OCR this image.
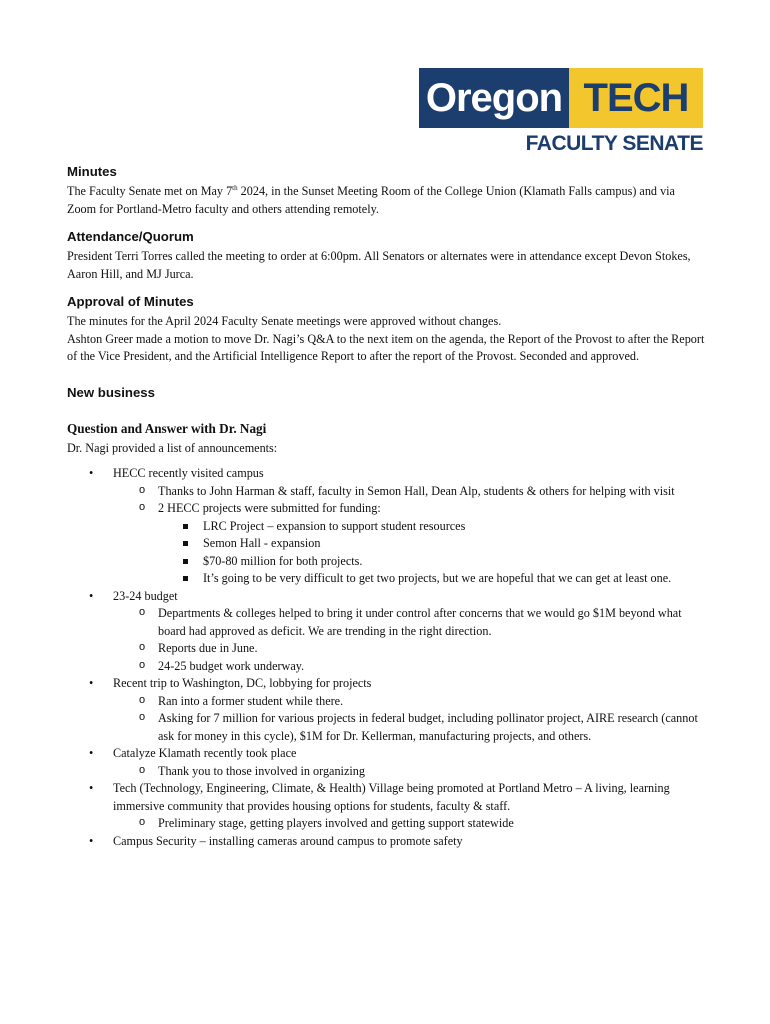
Oregon TECH
FACULTY SENATE
Minutes

The Faculty Senate met on May 7th 2024, in the Sunset Meeting Room of the College Union (Klamath Falls campus) and via Zoom for Portland-Metro faculty and others attending remotely.

Attendance/Quorum

President Terri Torres called the meeting to order at 6:00pm. All Senators or alternates were in attendance except Devon Stokes, Aaron Hill, and MJ Jurca.

Approval of Minutes

The minutes for the April 2024 Faculty Senate meetings were approved without changes.

Ashton Greer made a motion to move Dr. Nagi’s Q&A to the next item on the agenda, the Report of the Provost to after the Report of the Vice President, and the Artificial Intelligence Report to after the report of the Provost. Seconded and approved.

New business
Question and Answer with Dr. Nagi

Dr. Nagi provided a list of announcements:

• HECC recently visited campus
o Thanks to John Harman & staff, faculty in Semon Hall, Dean Alp, students & others for helping with visit
o 2 HECC projects were submitted for funding:
LRC Project – expansion to support student resources
Semon Hall - expansion
$70-80 million for both projects.
It’s going to be very difficult to get two projects, but we are hopeful that we can get at least one.
• 23-24 budget
o Departments & colleges helped to bring it under control after concerns that we would go $1M beyond what board had approved as deficit. We are trending in the right direction.
o Reports due in June.
o 24-25 budget work underway.
• Recent trip to Washington, DC, lobbying for projects
o Ran into a former student while there.
o Asking for 7 million for various projects in federal budget, including pollinator project, AIRE research (cannot ask for money in this cycle), $1M for Dr. Kellerman, manufacturing projects, and others.
• Catalyze Klamath recently took place
o Thank you to those involved in organizing
• Tech (Technology, Engineering, Climate, & Health) Village being promoted at Portland Metro – A living, learning immersive community that provides housing options for students, faculty & staff.
o Preliminary stage, getting players involved and getting support statewide
• Campus Security – installing cameras around campus to promote safety
